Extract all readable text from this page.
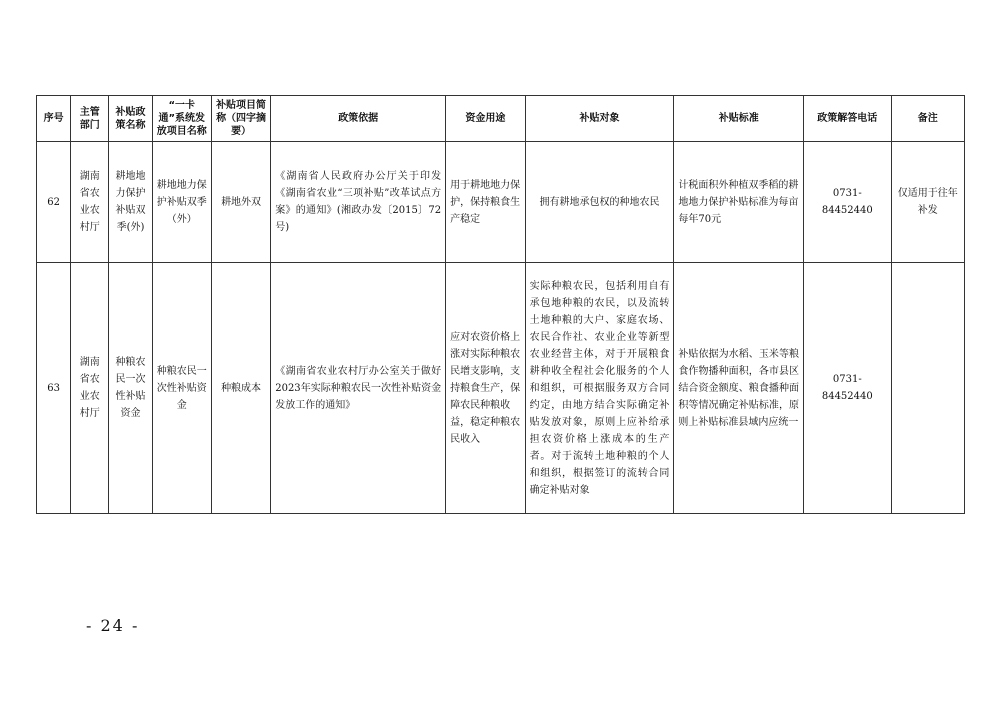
序号	主管部门	补贴政策名称	“一卡通”系统发放项目名称	补贴项目简称（四字摘要）	政策依据	资金用途	补贴对象	补贴标准	政策解答电话	备注
62	湖南省农业农村厅	耕地地力保护补贴双季(外)	耕地地力保护补贴双季（外）	耕地外双	《湖南省人民政府办公厅关于印发《湖南省农业“三项补贴”改革试点方案》的通知》(湘政办发〔2015〕72号)	用于耕地地力保护，保持粮食生产稳定	拥有耕地承包权的种地农民	计税面积外种植双季稻的耕地地力保护补贴标准为每亩每年70元	0731-84452440	仅适用于往年补发
63	湖南省农业农村厅	种粮农民一次性补贴资金	种粮农民一次性补贴资金	种粮成本	《湖南省农业农村厅办公室关于做好2023年实际种粮农民一次性补贴资金发放工作的通知》	应对农资价格上涨对实际种粮农民增支影响，支持粮食生产，保障农民种粮收益，稳定种粮农民收入	实际种粮农民，包括利用自有承包地种粮的农民，以及流转土地种粮的大户、家庭农场、农民合作社、农业企业等新型农业经营主体，对于开展粮食耕种收全程社会化服务的个人和组织，可根据服务双方合同约定，由地方结合实际确定补贴发放对象，原则上应补给承担农资价格上涨成本的生产者。对于流转土地种粮的个人和组织，根据签订的流转合同确定补贴对象	补贴依据为水稻、玉米等粮食作物播种面积，各市县区结合资金额度、粮食播种面积等情况确定补贴标准，原则上补贴标准县域内应统一	0731-84452440	
- 24 -
